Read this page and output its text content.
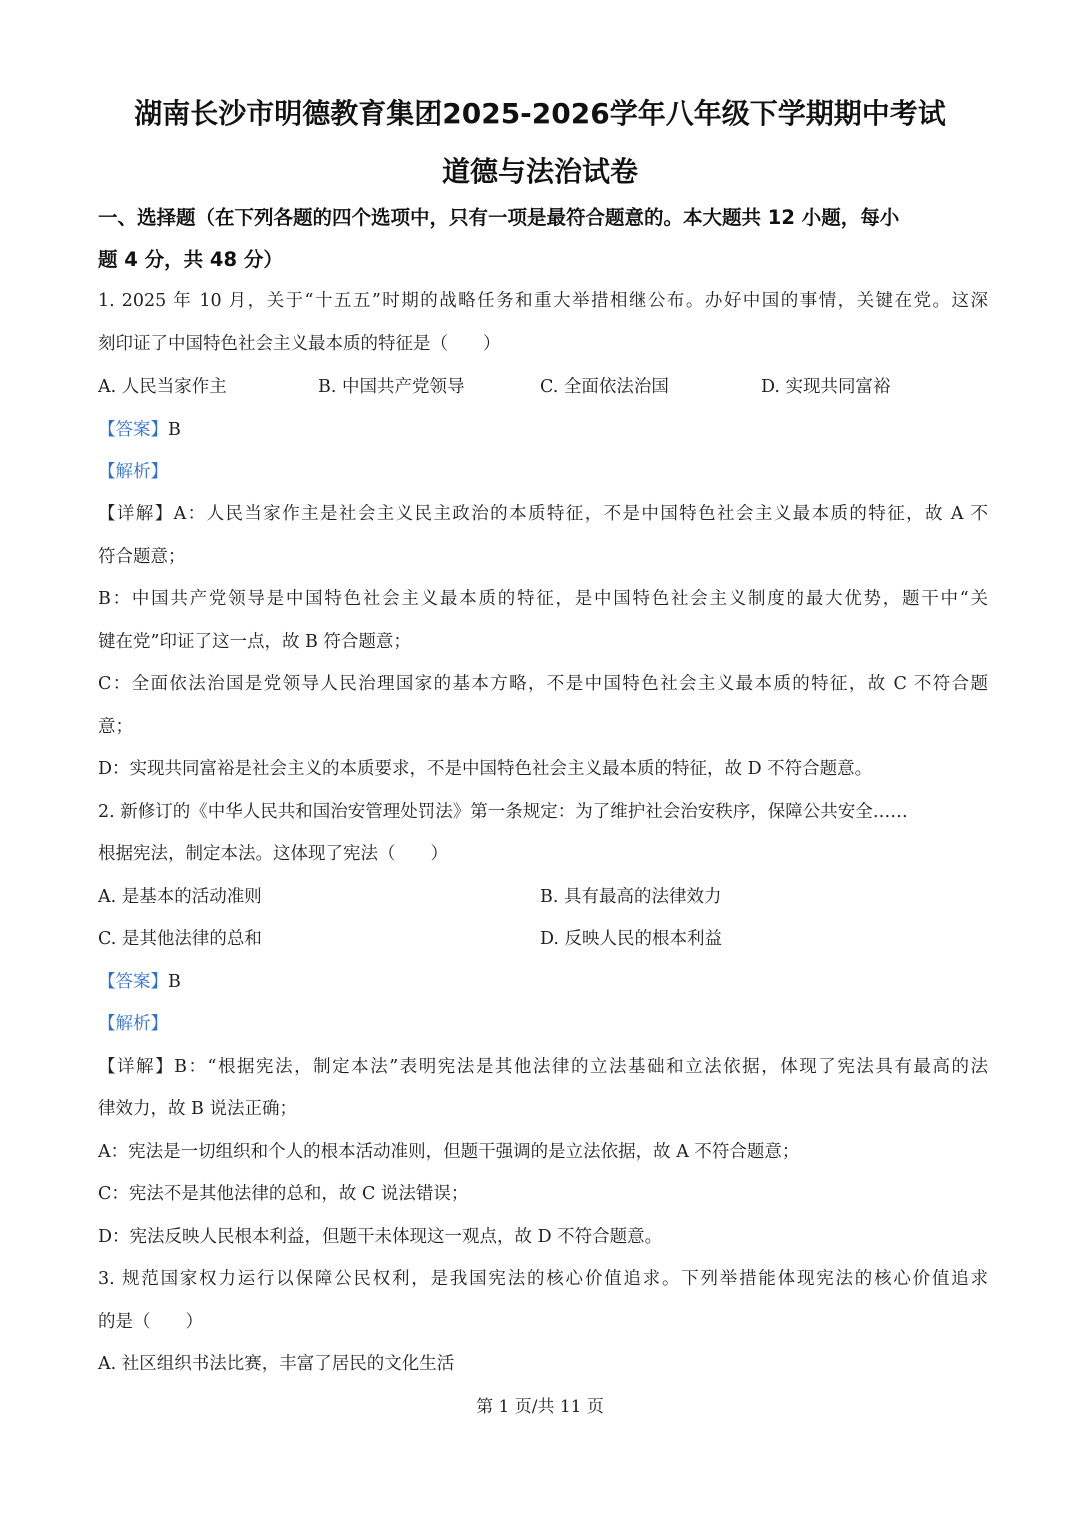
湖南长沙市明德教育集团2025-2026学年八年级下学期期中考试
道德与法治试卷
一、选择题（在下列各题的四个选项中，只有一项是最符合题意的。本大题共 12 小题，每小
题 4 分，共 48 分）
1. 2025 年 10 月，关于“十五五”时期的战略任务和重大举措相继公布。办好中国的事情，关键在党。这深
刻印证了中国特色社会主义最本质的特征是（　　）
A. 人民当家作主	B. 中国共产党领导	C. 全面依法治国	D. 实现共同富裕
【答案】B
【解析】
【详解】A：人民当家作主是社会主义民主政治的本质特征，不是中国特色社会主义最本质的特征，故 A 不
符合题意；
B：中国共产党领导是中国特色社会主义最本质的特征，是中国特色社会主义制度的最大优势，题干中“关
键在党”印证了这一点，故 B 符合题意；
C：全面依法治国是党领导人民治理国家的基本方略，不是中国特色社会主义最本质的特征，故 C 不符合题
意；
D：实现共同富裕是社会主义的本质要求，不是中国特色社会主义最本质的特征，故 D 不符合题意。
2. 新修订的《中华人民共和国治安管理处罚法》第一条规定：为了维护社会治安秩序，保障公共安全……
根据宪法，制定本法。这体现了宪法（　　）
A. 是基本的活动准则	B. 具有最高的法律效力
C. 是其他法律的总和	D. 反映人民的根本利益
【答案】B
【解析】
【详解】B：“根据宪法，制定本法”表明宪法是其他法律的立法基础和立法依据，体现了宪法具有最高的法
律效力，故 B 说法正确；
A：宪法是一切组织和个人的根本活动准则，但题干强调的是立法依据，故 A 不符合题意；
C：宪法不是其他法律的总和，故 C 说法错误；
D：宪法反映人民根本利益，但题干未体现这一观点，故 D 不符合题意。
3. 规范国家权力运行以保障公民权利，是我国宪法的核心价值追求。下列举措能体现宪法的核心价值追求
的是（　　）
A. 社区组织书法比赛，丰富了居民的文化生活
第 1 页/共 11 页
